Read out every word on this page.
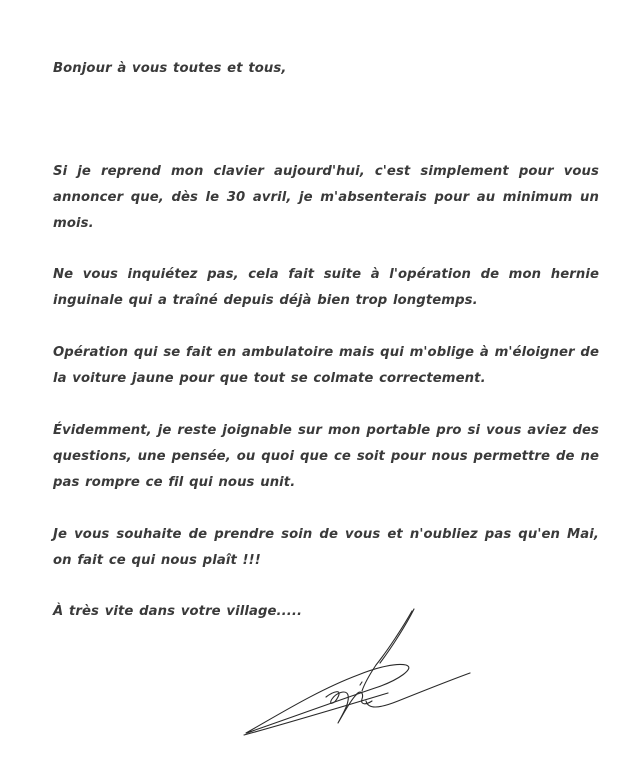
Bonjour à vous toutes et tous,
Si je reprend mon clavier aujourd'hui, c'est simplement pour vous annoncer que, dès le 30 avril, je m'absenterais pour au minimum un mois.
Ne vous inquiétez pas, cela fait suite à l'opération de mon hernie inguinale qui a traîné depuis déjà bien trop longtemps.
Opération qui se fait en ambulatoire mais qui m'oblige à m'éloigner de la voiture jaune pour que tout se colmate correctement.
Évidemment, je reste joignable sur mon portable pro si vous aviez des questions, une pensée, ou quoi que ce soit pour nous permettre de ne pas rompre ce fil qui nous unit.
Je vous souhaite de prendre soin de vous et n'oubliez pas qu'en Mai, on fait ce qui nous plaît !!!
À très vite dans votre village.....
